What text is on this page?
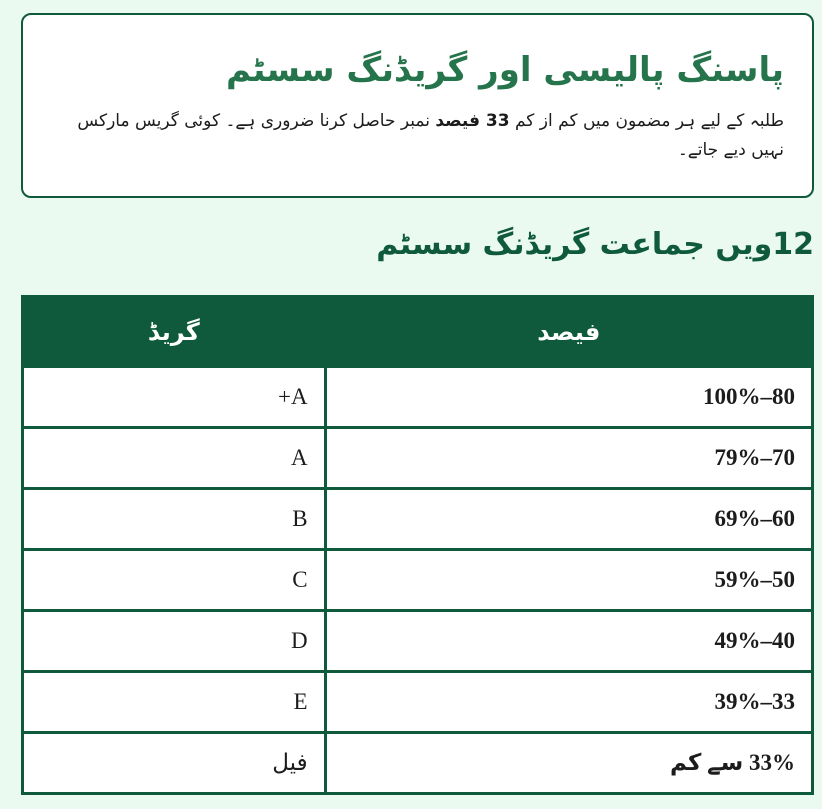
پاسنگ پالیسی اور گریڈنگ سسٹم
طلبہ کے لیے ہر مضمون میں کم از کم 33 فیصد نمبر حاصل کرنا ضروری ہے۔ کوئی گریس مارکس نہیں دیے جاتے۔
12ویں جماعت گریڈنگ سسٹم
فیصد	گریڈ
80–100%	A+
70–79%	A
60–69%	B
50–59%	C
40–49%	D
33–39%	E
33% سے کم	فیل
